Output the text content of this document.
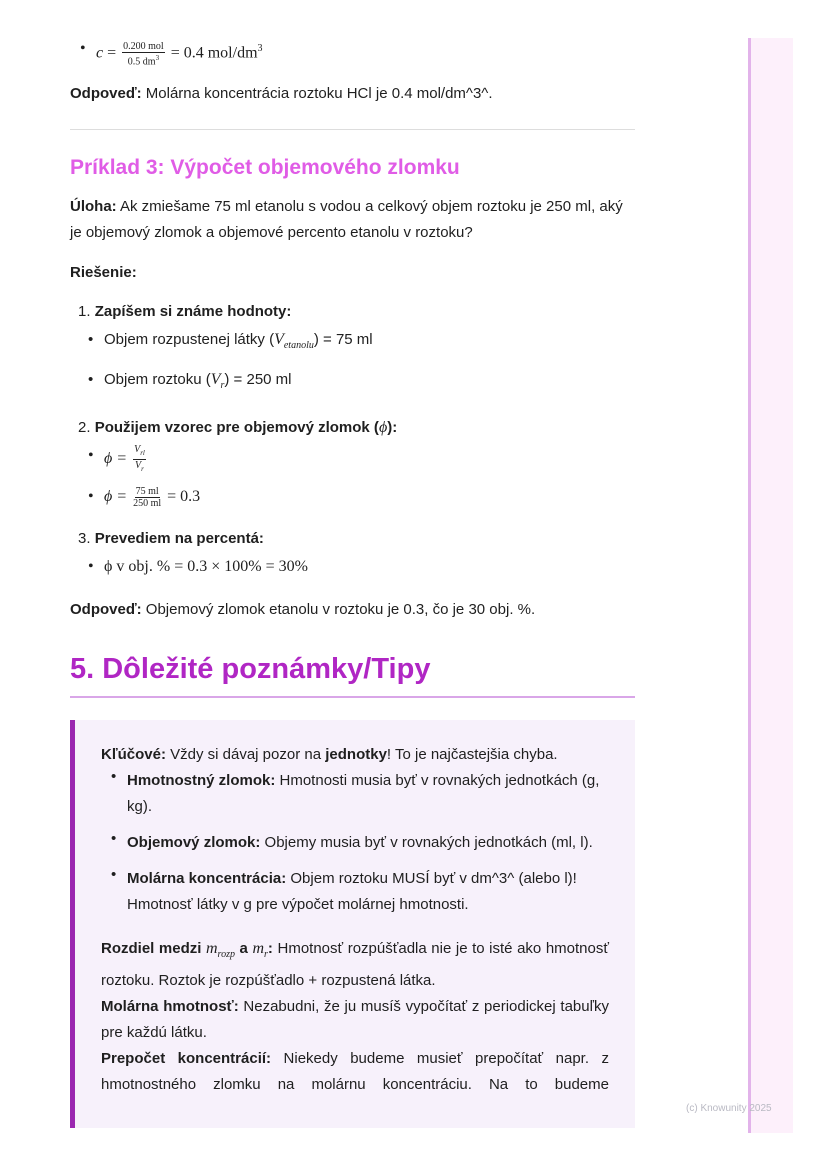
• $c = \frac{\text{0.200 mol}}{0.5 dm^3} = 0.4$ mol/$dm^3$

Odpoveď: Molárna koncentrácia roztoku HCl je 0.4 mol/dm^3^.

Príklad 3: Výpočet objemového zlomku

Úloha: Ak zmiešame 75 ml etanolu s vodou a celkový objem roztoku je 250 ml, aký je objemový zlomok a objemové percento etanolu v roztoku?

Riešenie:

1. Zapíšem si známe hodnoty:
• Objem rozpustenej látky $(V_{etanolu}) = 75$ ml
• Objem roztoku $(V_r) = 250$ ml
2. Použijem vzorec pre objemový zlomok (ϕ):
• $\phi = \frac{V_{rl}}{V_r}$
• $\phi = \frac{75 ml}{250 ml} = 0.3$
3. Prevediem na percentá:
• ϕ v obj. % = 0.3 × 100% = 30%

Odpoveď: Objemový zlomok etanolu v roztoku je 0.3, čo je 30 obj. %.

5. Dôležité poznámky/Tipy

Kľúčové: Vždy si dávaj pozor na jednotky! To je najčastejšia chyba.

• Hmotnostný zlomok: Hmotnosti musia byť v rovnakých jednotkách (g, kg).

• Objemový zlomok: Objemy musia byť v rovnakých jednotkách (ml, l).

• Molárna koncentrácia: Objem roztoku MUSÍ byť v dm^3^ (alebo l)! Hmotnosť látky v g pre výpočet molárnej hmotnosti.

Rozdiel medzi $m_{rozp}$ a $m_r$: Hmotnosť rozpúšťadla nie je to isté ako hmotnosť roztoku. Roztok je rozpúšťadlo + rozpustená látka.

Molárna hmotnosť: Nezabudni, že ju musíš vypočítať z periodickej tabuľky pre každú látku.

Prepočet koncentrácií: Niekedy budeme musieť prepočítať napr. z hmotnostného zlomku na molárnu koncentráciu. Na to budeme

(c) Knowunity 2025
